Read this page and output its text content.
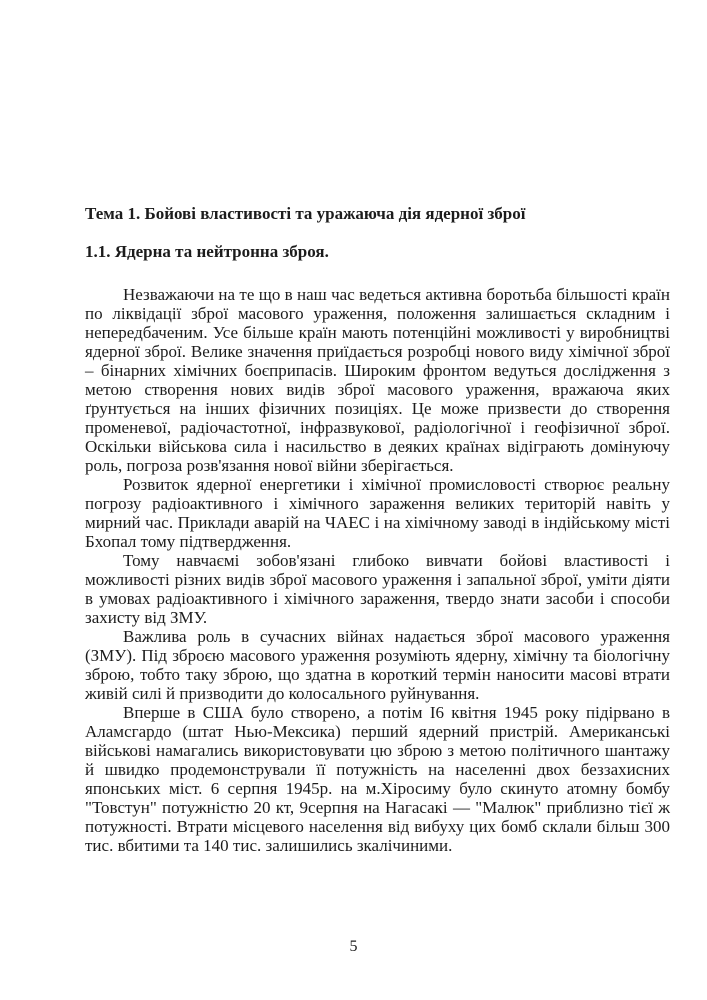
Тема 1. Бойові властивості та уражаюча дія ядерної зброї
1.1. Ядерна та нейтронна зброя.

Незважаючи на те що в наш час ведеться активна боротьба більшості країн по ліквідації зброї масового ураження, положення залишається складним і непередбаченим. Усе більше країн мають потенційні можливості у виробництві ядерної зброї. Велике значення приїдається розробці нового виду хімічної зброї – бінарних хімічних боєприпасів. Широким фронтом ведуться дослідження з метою створення нових видів зброї масового ураження, вражаюча яких ґрунтується на інших фізичних позиціях. Це може призвести до створення променевої, радіочастотної, інфразвукової, радіологічної і геофізичної зброї. Оскільки військова сила і насильство в деяких країнах відіграють домінуючу роль, погроза розв'язання нової війни зберігається.

Розвиток ядерної енергетики і хімічної промисловості створює реальну погрозу радіоактивного і хімічного зараження великих територій навіть у мирний час. Приклади аварій на ЧАЕС і на хімічному заводі в індійському місті Бхопал тому підтвердження.

Тому навчаємі зобов'язані глибоко вивчати бойові властивості і можливості різних видів зброї масового ураження і запальної зброї, уміти діяти в умовах радіоактивного і хімічного зараження, твердо знати засоби і способи захисту від ЗМУ.

Важлива роль в сучасних війнах надається зброї масового ураження (ЗМУ). Під зброєю масового ураження розуміють ядерну, хімічну та біологічну зброю, тобто таку зброю, що здатна в короткий термін наносити масові втрати живій силі й призводити до колосального руйнування.

Вперше в США було створено, а потім І6 квітня 1945 року підірвано в Аламсгардо (штат Нью-Мексика) перший ядерний пристрій. Американські військові намагались використовувати цю зброю з метою політичного шантажу й швидко продемонстрували її потужність на населенні двох беззахисних японських міст. 6 серпня 1945р. на м.Хіросиму було скинуто атомну бомбу "Товстун" потужністю 20 кт, 9серпня на Нагасакі — "Малюк" приблизно тієї ж потужності. Втрати місцевого населення від вибуху цих бомб склали більш 300 тис. вбитими та 140 тис. залишились зкалічиними.

5
